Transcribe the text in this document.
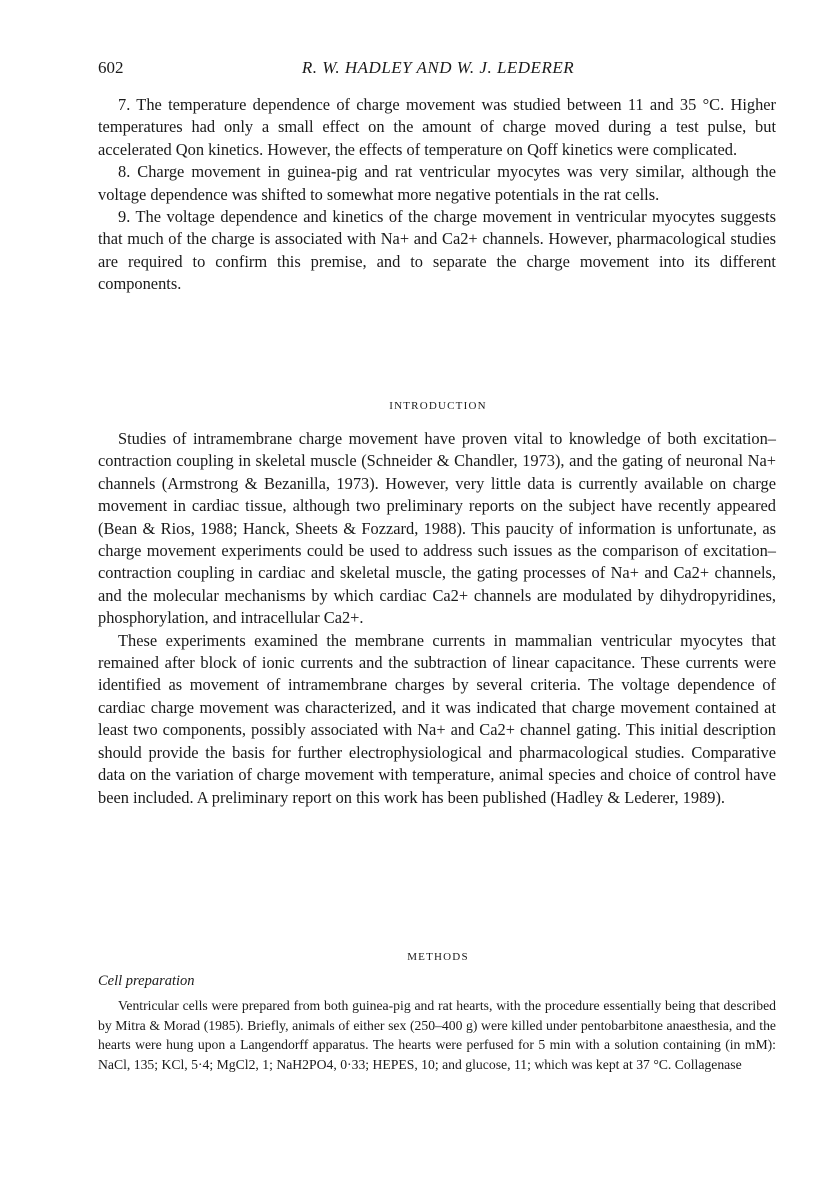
602	R. W. HADLEY AND W. J. LEDERER

7. The temperature dependence of charge movement was studied between 11 and 35 °C. Higher temperatures had only a small effect on the amount of charge moved during a test pulse, but accelerated Qon kinetics. However, the effects of temperature on Qoff kinetics were complicated.

8. Charge movement in guinea-pig and rat ventricular myocytes was very similar, although the voltage dependence was shifted to somewhat more negative potentials in the rat cells.

9. The voltage dependence and kinetics of the charge movement in ventricular myocytes suggests that much of the charge is associated with Na+ and Ca2+ channels. However, pharmacological studies are required to confirm this premise, and to separate the charge movement into its different components.

INTRODUCTION

Studies of intramembrane charge movement have proven vital to knowledge of both excitation–contraction coupling in skeletal muscle (Schneider & Chandler, 1973), and the gating of neuronal Na+ channels (Armstrong & Bezanilla, 1973). However, very little data is currently available on charge movement in cardiac tissue, although two preliminary reports on the subject have recently appeared (Bean & Rios, 1988; Hanck, Sheets & Fozzard, 1988). This paucity of information is unfortunate, as charge movement experiments could be used to address such issues as the comparison of excitation–contraction coupling in cardiac and skeletal muscle, the gating processes of Na+ and Ca2+ channels, and the molecular mechanisms by which cardiac Ca2+ channels are modulated by dihydropyridines, phosphorylation, and intracellular Ca2+.

These experiments examined the membrane currents in mammalian ventricular myocytes that remained after block of ionic currents and the subtraction of linear capacitance. These currents were identified as movement of intramembrane charges by several criteria. The voltage dependence of cardiac charge movement was characterized, and it was indicated that charge movement contained at least two components, possibly associated with Na+ and Ca2+ channel gating. This initial description should provide the basis for further electrophysiological and pharmacological studies. Comparative data on the variation of charge movement with temperature, animal species and choice of control have been included. A preliminary report on this work has been published (Hadley & Lederer, 1989).

METHODS
Cell preparation

Ventricular cells were prepared from both guinea-pig and rat hearts, with the procedure essentially being that described by Mitra & Morad (1985). Briefly, animals of either sex (250–400 g) were killed under pentobarbitone anaesthesia, and the hearts were hung upon a Langendorff apparatus. The hearts were perfused for 5 min with a solution containing (in mM): NaCl, 135; KCl, 5·4; MgCl2, 1; NaH2PO4, 0·33; HEPES, 10; and glucose, 11; which was kept at 37 °C. Collagenase
